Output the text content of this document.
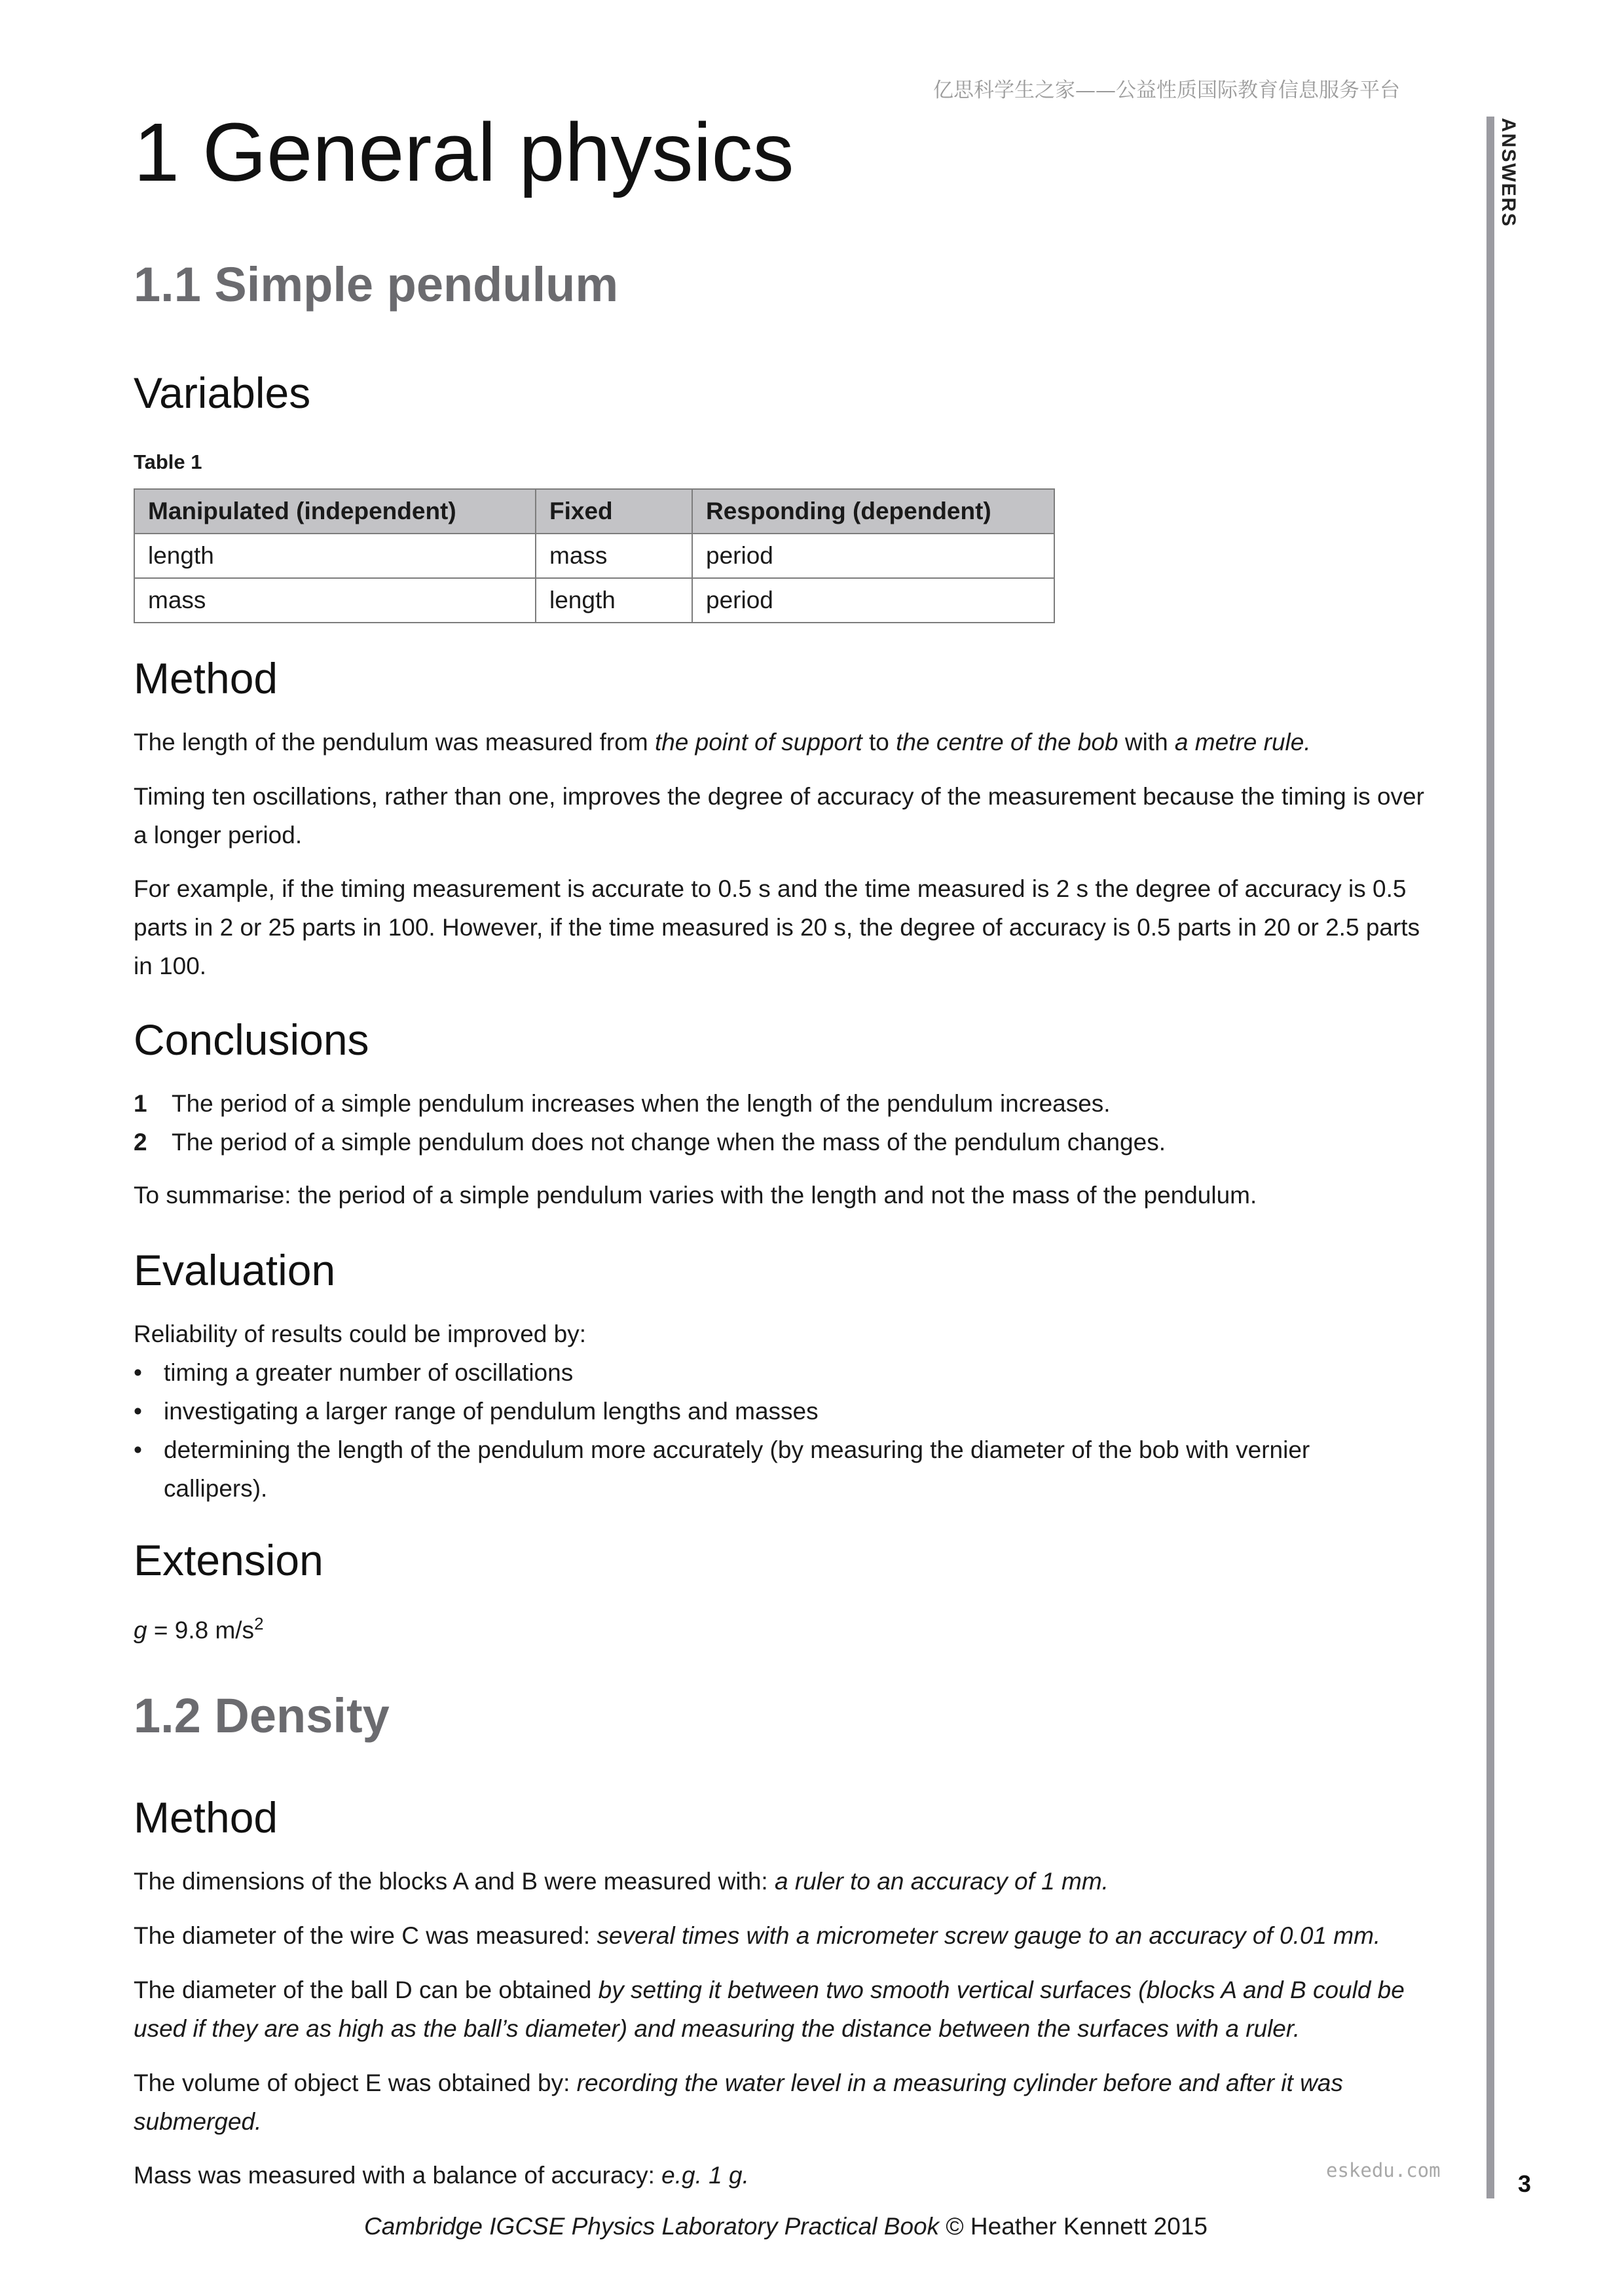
亿思科学生之家——公益性质国际教育信息服务平台
ANSWERS
3
eskedu.com
1 General physics
1.1 Simple pendulum
Variables
Table 1
Manipulated (independent)	Fixed	Responding (dependent)
length	mass	period
mass	length	period
Method

The length of the pendulum was measured from the point of support to the centre of the bob with a metre rule.

Timing ten oscillations, rather than one, improves the degree of accuracy of the measurement because the timing is over a longer period.

For example, if the timing measurement is accurate to 0.5 s and the time measured is 2 s the degree of accuracy is 0.5 parts in 2 or 25 parts in 100. However, if the time measured is 20 s, the degree of accuracy is 0.5 parts in 20 or 2.5 parts in 100.

Conclusions
1 The period of a simple pendulum increases when the length of the pendulum increases.
2 The period of a simple pendulum does not change when the mass of the pendulum changes.

To summarise: the period of a simple pendulum varies with the length and not the mass of the pendulum.

Evaluation

Reliability of results could be improved by:

• timing a greater number of oscillations
• investigating a larger range of pendulum lengths and masses
• determining the length of the pendulum more accurately (by measuring the diameter of the bob with vernier callipers).
Extension

g = 9.8 $m/s^2$

1.2 Density
Method

The dimensions of the blocks A and B were measured with: a ruler to an accuracy of 1 mm.

The diameter of the wire C was measured: several times with a micrometer screw gauge to an accuracy of 0.01 mm.

The diameter of the ball D can be obtained by setting it between two smooth vertical surfaces (blocks A and B could be used if they are as high as the ball’s diameter) and measuring the distance between the surfaces with a ruler.

The volume of object E was obtained by: recording the water level in a measuring cylinder before and after it was submerged.

Mass was measured with a balance of accuracy: e.g. 1 g.

Cambridge IGCSE Physics Laboratory Practical Book © Heather Kennett 2015
